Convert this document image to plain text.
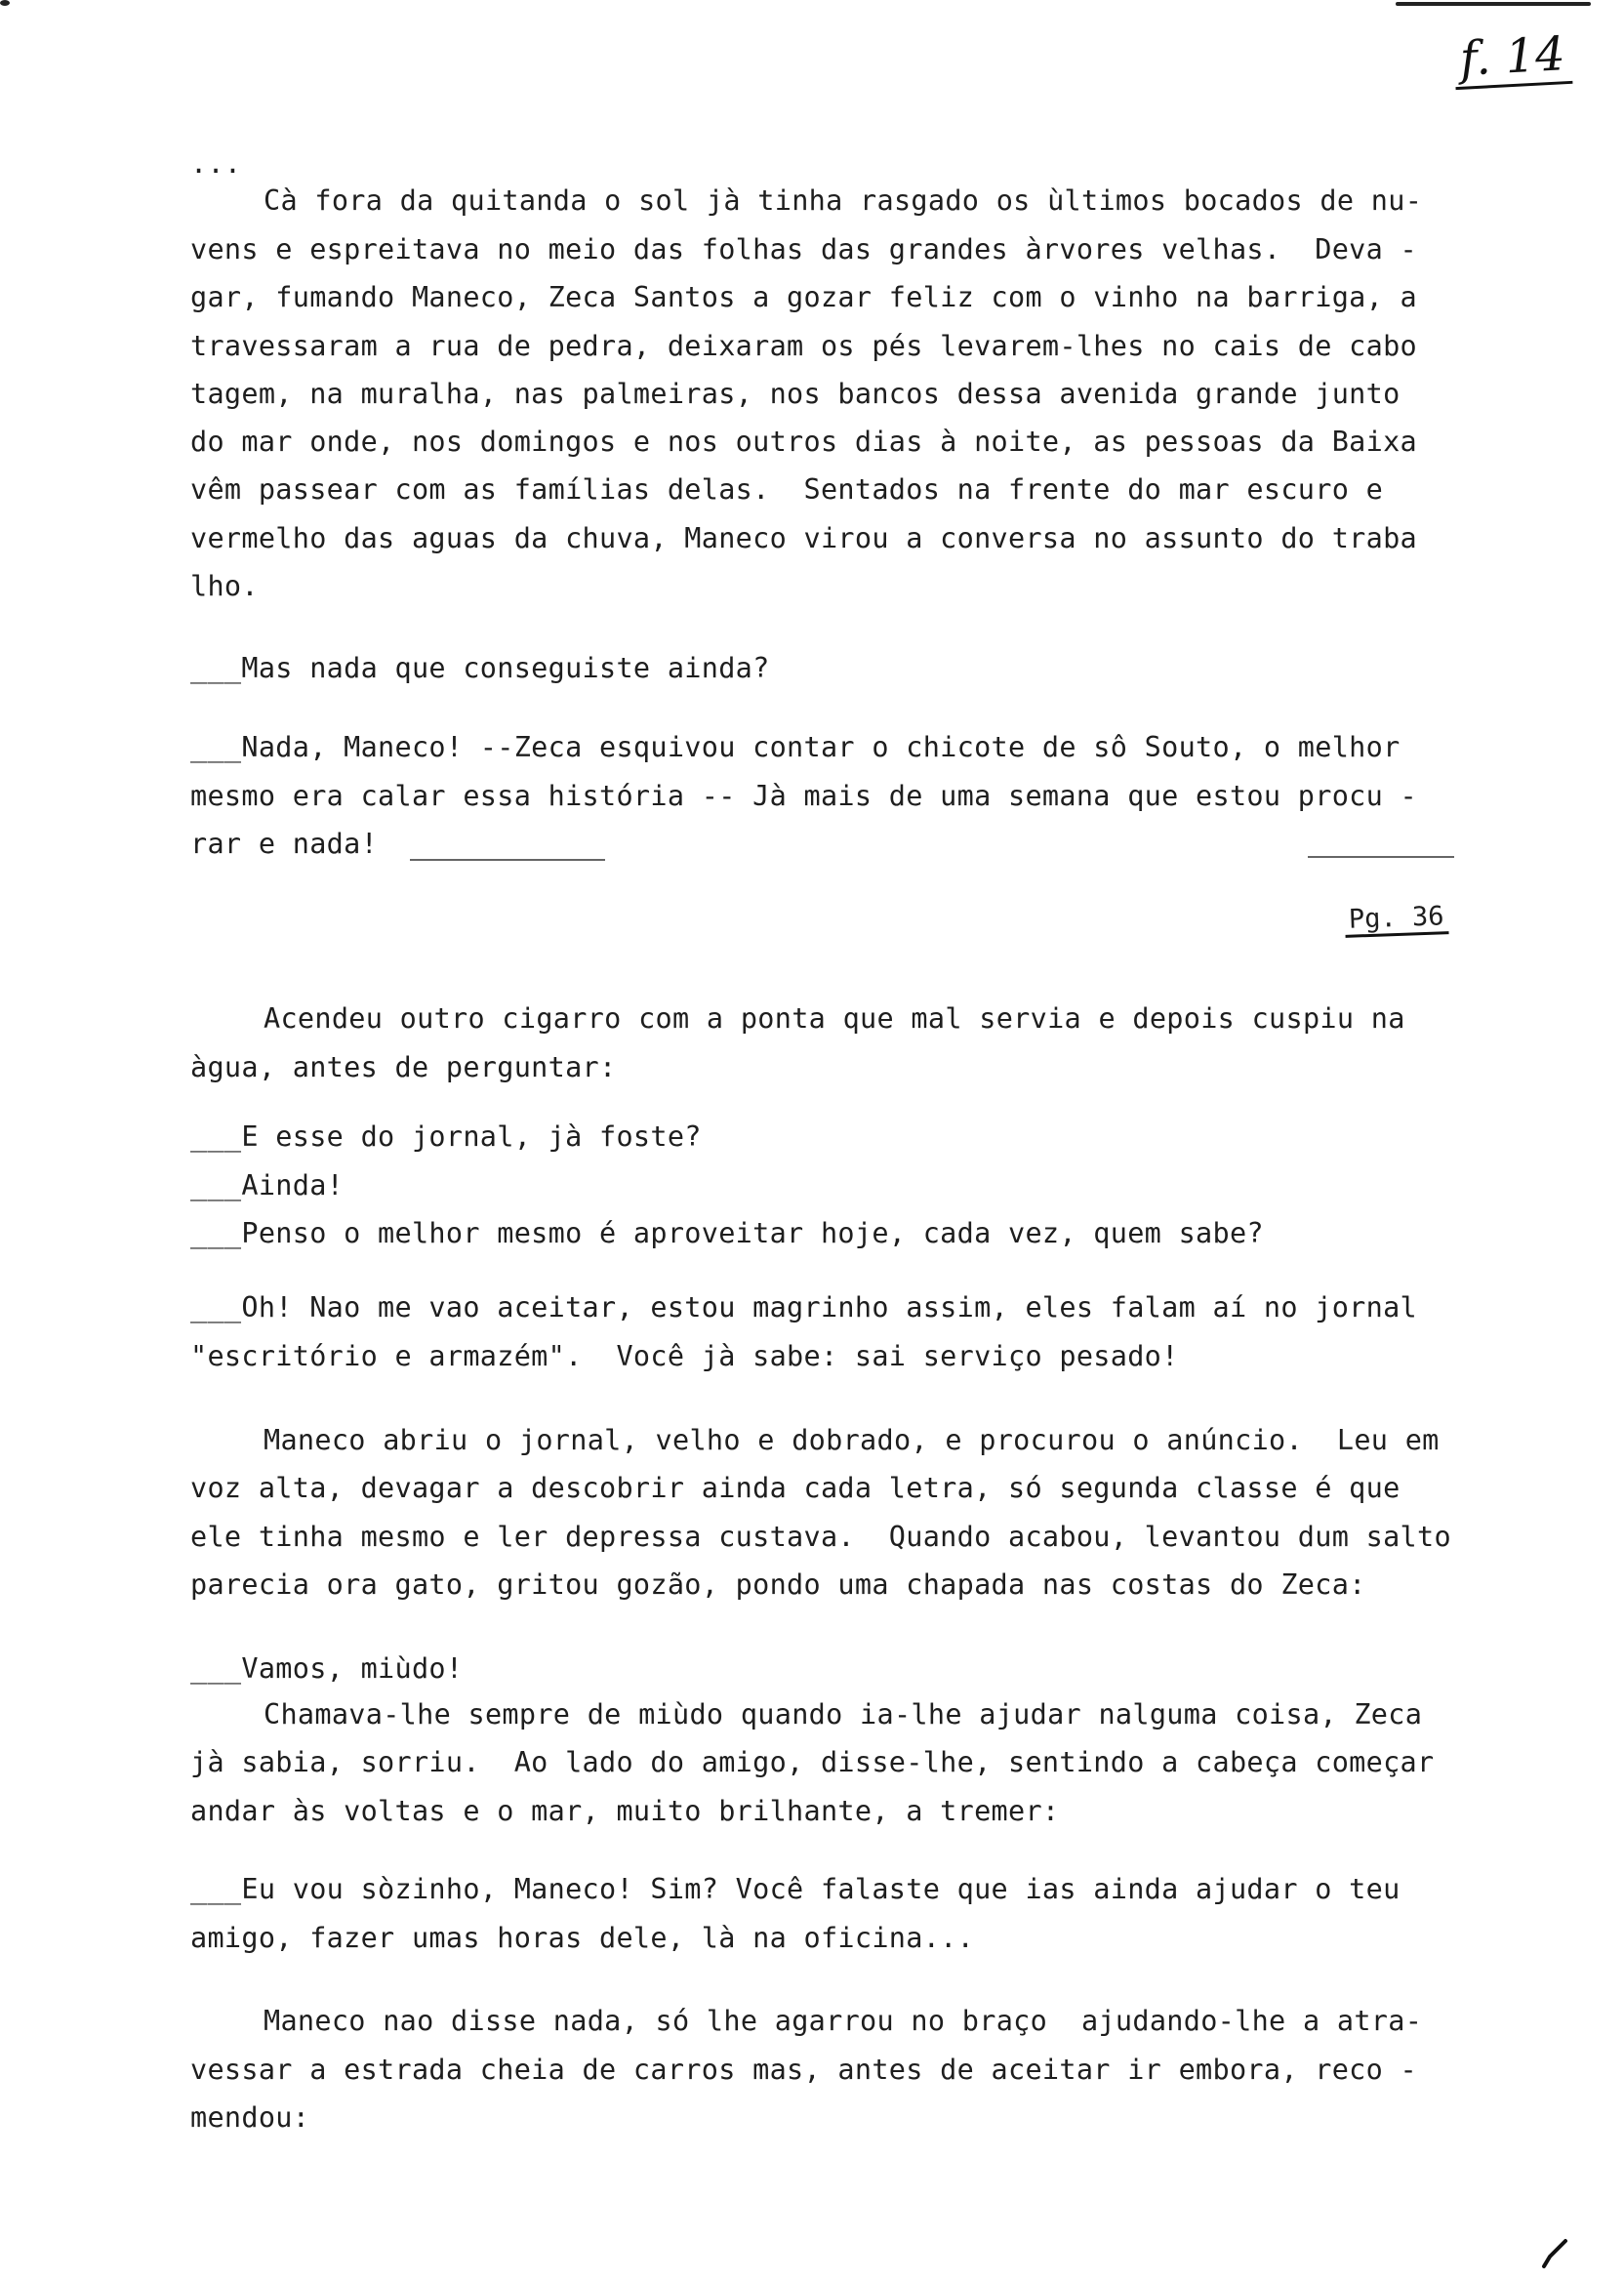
f. 14
...
Cà fora da quitanda o sol jà tinha rasgado os ùltimos bocados de nu-
vens e espreitava no meio das folhas das grandes àrvores velhas.  Deva -
gar, fumando Maneco, Zeca Santos a gozar feliz com o vinho na barriga, a
travessaram a rua de pedra, deixaram os pés levarem-lhes no cais de cabo
tagem, na muralha, nas palmeiras, nos bancos dessa avenida grande junto
do mar onde, nos domingos e nos outros dias à noite, as pessoas da Baixa
vêm passear com as famílias delas.  Sentados na frente do mar escuro e
vermelho das aguas da chuva, Maneco virou a conversa no assunto do traba
lho.
___Mas nada que conseguiste ainda?
___Nada, Maneco! --Zeca esquivou contar o chicote de sô Souto, o melhor
mesmo era calar essa história -- Jà mais de uma semana que estou procu -
rar e nada!
Pg. 36
Acendeu outro cigarro com a ponta que mal servia e depois cuspiu na
àgua, antes de perguntar:
___E esse do jornal, jà foste?
___Ainda!
___Penso o melhor mesmo é aproveitar hoje, cada vez, quem sabe?
___Oh! Nao me vao aceitar, estou magrinho assim, eles falam aí no jornal
"escritório e armazém".  Você jà sabe: sai serviço pesado!
Maneco abriu o jornal, velho e dobrado, e procurou o anúncio.  Leu em
voz alta, devagar a descobrir ainda cada letra, só segunda classe é que
ele tinha mesmo e ler depressa custava.  Quando acabou, levantou dum salto
parecia ora gato, gritou gozão, pondo uma chapada nas costas do Zeca:
___Vamos, miùdo!
Chamava-lhe sempre de miùdo quando ia-lhe ajudar nalguma coisa, Zeca
jà sabia, sorriu.  Ao lado do amigo, disse-lhe, sentindo a cabeça começar
andar às voltas e o mar, muito brilhante, a tremer:
___Eu vou sòzinho, Maneco! Sim? Você falaste que ias ainda ajudar o teu
amigo, fazer umas horas dele, là na oficina...
Maneco nao disse nada, só lhe agarrou no braço  ajudando-lhe a atra-
vessar a estrada cheia de carros mas, antes de aceitar ir embora, reco -
mendou:
